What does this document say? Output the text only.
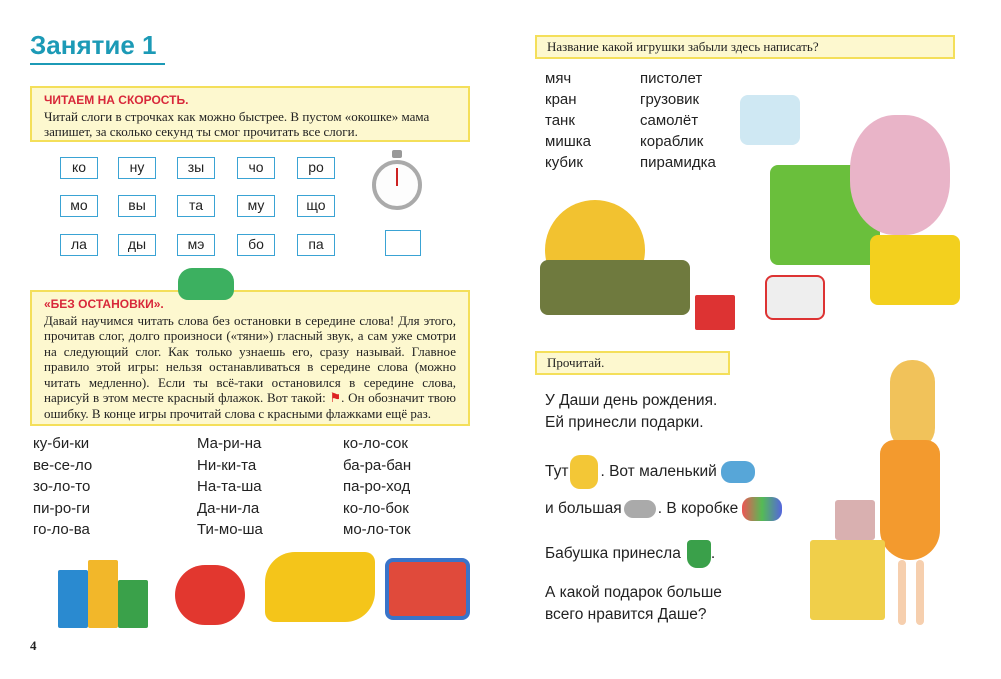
Занятие 1
ЧИТАЕМ НА СКОРОСТЬ.
Читай слоги в строчках как можно быстрее. В пустом «окошке» мама запишет, за сколько секунд ты смог прочитать все слоги.
ко	ну	зы	чо	ро
мо	вы	та	му	що
ла	ды	мэ	бо	па
«БЕЗ ОСТАНОВКИ».
Давай научимся читать слова без остановки в середине слова! Для этого, прочитав слог, долго произноси («тяни») гласный звук, а сам уже смотри на следующий слог. Как только узнаешь его, сразу называй. Главное правило этой игры: нельзя останавливаться в середине слова (можно читать медленно). Если ты всё-таки остановился в середине слова, нарисуй в этом месте красный флажок. Вот такой: ⚑. Он обозначит твою ошибку. В конце игры прочитай слова с красными флажками ещё раз.
ку-би-ки
ве-се-ло
зо-ло-то
пи-ро-ги
го-ло-ва
Ма-ри-на
Ни-ки-та
На-та-ша
Да-ни-ла
Ти-мо-ша
ко-ло-сок
ба-ра-бан
па-ро-ход
ко-ло-бок
мо-ло-ток
4
Название какой игрушки забыли здесь написать?
мяч
кран
танк
мишка
кубик
пистолет
грузовик
самолёт
кораблик
пирамидка
Прочитай.
У Даши день рождения.
Ей принесли подарки.
Тут . Вот маленький
и большая . В коробке
Бабушка принесла .
А какой подарок больше
всего нравится Даше?
